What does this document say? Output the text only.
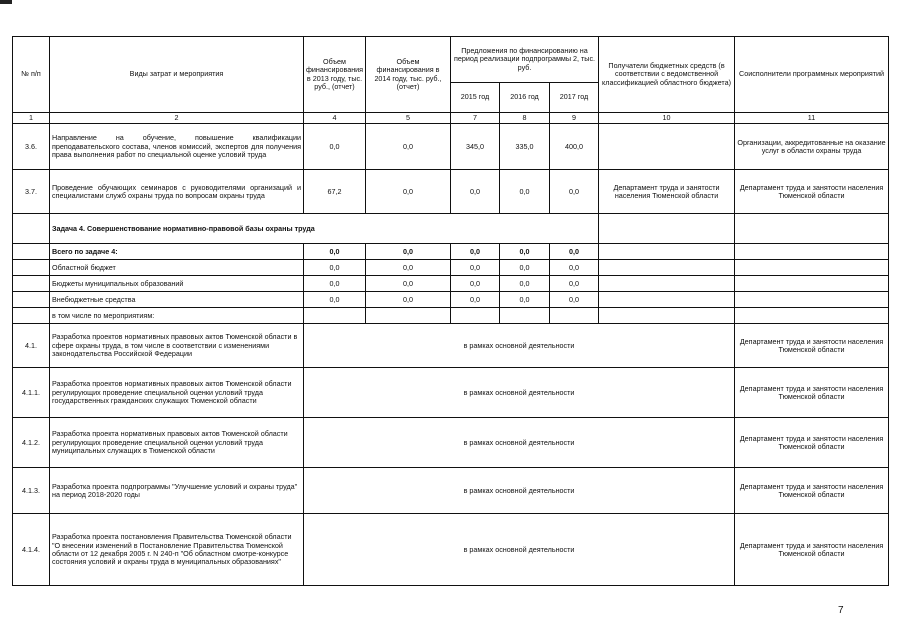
№ п/п	Виды затрат и мероприятия	Объем финансирования в 2013 году, тыс. руб., (отчет)	Объем финансирования в 2014 году, тыс. руб., (отчет)	Предложения по финансированию на период реализации подпрограммы 2, тыс. руб.			Получатели бюджетных средств (в соответствии с ведомственной классификацией областного бюджета)	Соисполнители программных мероприятий
				2015 год	2016 год	2017 год		
1	2	4	5	7	8	9	10	11
3.6.	Направление на обучение, повышение квалификации преподавательского состава, членов комиссий, экспертов для получения права выполнения работ по специальной оценке условий труда	0,0	0,0	345,0	335,0	400,0		Организации, аккредитованные на оказание услуг в области охраны труда
3.7.	Проведение обучающих семинаров с руководителями организаций и специалистами служб охраны труда по вопросам охраны труда	67,2	0,0	0,0	0,0	0,0	Департамент труда и занятости населения Тюменской области	Департамент труда и занятости населения Тюменской области
	Задача 4. Совершенствование нормативно-правовой базы охраны труда							
	Всего по задаче 4:	0,0	0,0	0,0	0,0	0,0		
	Областной бюджет	0,0	0,0	0,0	0,0	0,0		
	Бюджеты муниципальных образований	0,0	0,0	0,0	0,0	0,0		
	Внебюджетные средства	0,0	0,0	0,0	0,0	0,0		
	в том числе по мероприятиям:							
4.1.	Разработка проектов нормативных правовых актов Тюменской области в сфере охраны труда, в том числе в соответствии с изменениями законодательства Российской Федерации	в рамках основной деятельности						Департамент труда и занятости населения Тюменской области
4.1.1.	Разработка проектов нормативных правовых актов Тюменской области регулирующих проведение специальной оценки условий труда государственных гражданских служащих Тюменской области	в рамках основной деятельности						Департамент труда и занятости населения Тюменской области
4.1.2.	Разработка проекта нормативных правовых актов Тюменской области регулирующих проведение специальной оценки условий труда муниципальных служащих в Тюменской области	в рамках основной деятельности						Департамент труда и занятости населения Тюменской области
4.1.3.	Разработка проекта подпрограммы "Улучшение условий и охраны труда" на период 2018-2020 годы	в рамках основной деятельности						Департамент труда и занятости населения Тюменской области
4.1.4.	Разработка проекта постановления Правительства Тюменской области "О внесении изменений в Постановление Правительства Тюменской области от 12 декабря 2005 г. N 240-п "Об областном смотре-конкурсе состояния условий и охраны труда в муниципальных образованиях"	в рамках основной деятельности						Департамент труда и занятости населения Тюменской области
7
